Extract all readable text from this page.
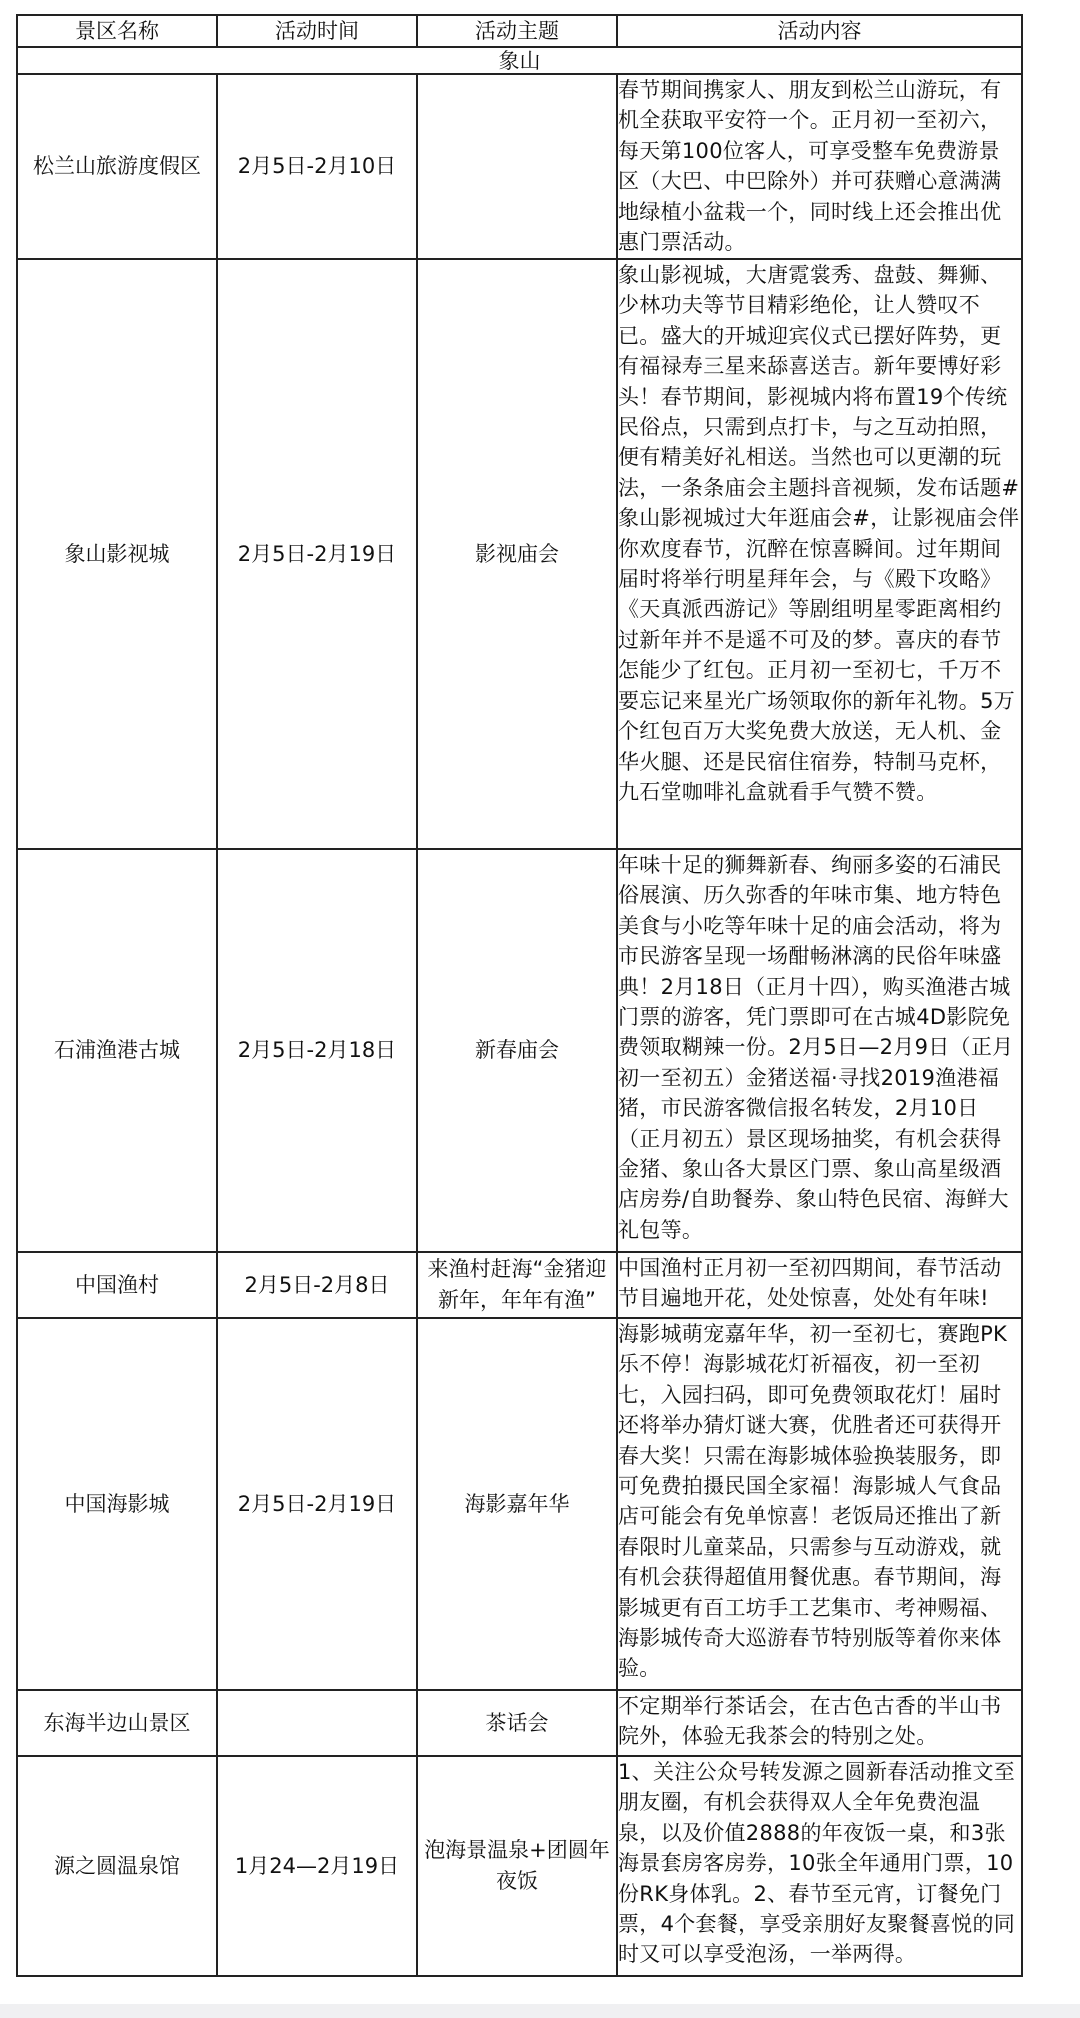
景区名称	活动时间	活动主题	活动内容
象山			
松兰山旅游度假区	2月5日-2月10日		春节期间携家人、朋友到松兰山游玩，有机全获取平安符一个。正月初一至初六，每天第100位客人，可享受整车免费游景区（大巴、中巴除外）并可获赠心意满满地绿植小盆栽一个，同时线上还会推出优惠门票活动。
象山影视城	2月5日-2月19日	影视庙会	象山影视城，大唐霓裳秀、盘鼓、舞狮、少林功夫等节目精彩绝伦，让人赞叹不已。盛大的开城迎宾仪式已摆好阵势，更有福禄寿三星来舔喜送吉。新年要博好彩头！春节期间，影视城内将布置19个传统民俗点，只需到点打卡，与之互动拍照，便有精美好礼相送。当然也可以更潮的玩法，一条条庙会主题抖音视频，发布话题#象山影视城过大年逛庙会#，让影视庙会伴你欢度春节，沉醉在惊喜瞬间。过年期间届时将举行明星拜年会，与《殿下攻略》《天真派西游记》等剧组明星零距离相约过新年并不是遥不可及的梦。喜庆的春节怎能少了红包。正月初一至初七，千万不要忘记来星光广场领取你的新年礼物。5万个红包百万大奖免费大放送，无人机、金华火腿、还是民宿住宿券，特制马克杯，九石堂咖啡礼盒就看手气赞不赞。
石浦渔港古城	2月5日-2月18日	新春庙会	年味十足的狮舞新春、绚丽多姿的石浦民俗展演、历久弥香的年味市集、地方特色美食与小吃等年味十足的庙会活动，将为市民游客呈现一场酣畅淋漓的民俗年味盛典！2月18日（正月十四），购买渔港古城门票的游客，凭门票即可在古城4D影院免费领取糊辣一份。2月5日—2月9日（正月初一至初五）金猪送福·寻找2019渔港福猪，市民游客微信报名转发，2月10日（正月初五）景区现场抽奖，有机会获得金猪、象山各大景区门票、象山高星级酒店房券/自助餐券、象山特色民宿、海鲜大礼包等。
中国渔村	2月5日-2月8日	来渔村赶海“金猪迎新年，年年有渔”	中国渔村正月初一至初四期间，春节活动节目遍地开花，处处惊喜，处处有年味!
中国海影城	2月5日-2月19日	海影嘉年华	海影城萌宠嘉年华，初一至初七，赛跑PK乐不停！海影城花灯祈福夜，初一至初七，入园扫码，即可免费领取花灯！届时还将举办猜灯谜大赛，优胜者还可获得开春大奖！只需在海影城体验换装服务，即可免费拍摄民国全家福！海影城人气食品店可能会有免单惊喜！老饭局还推出了新春限时儿童菜品，只需参与互动游戏，就有机会获得超值用餐优惠。春节期间，海影城更有百工坊手工艺集市、考神赐福、海影城传奇大巡游春节特别版等着你来体验。
东海半边山景区		茶话会	不定期举行茶话会，在古色古香的半山书院外，体验无我茶会的特别之处。
源之圆温泉馆	1月24—2月19日	泡海景温泉+团圆年夜饭	1、关注公众号转发源之圆新春活动推文至朋友圈，有机会获得双人全年免费泡温泉，以及价值2888的年夜饭一桌，和3张海景套房客房券，10张全年通用门票，10份RK身体乳。2、春节至元宵，订餐免门票，4个套餐，享受亲朋好友聚餐喜悦的同时又可以享受泡汤，一举两得。
